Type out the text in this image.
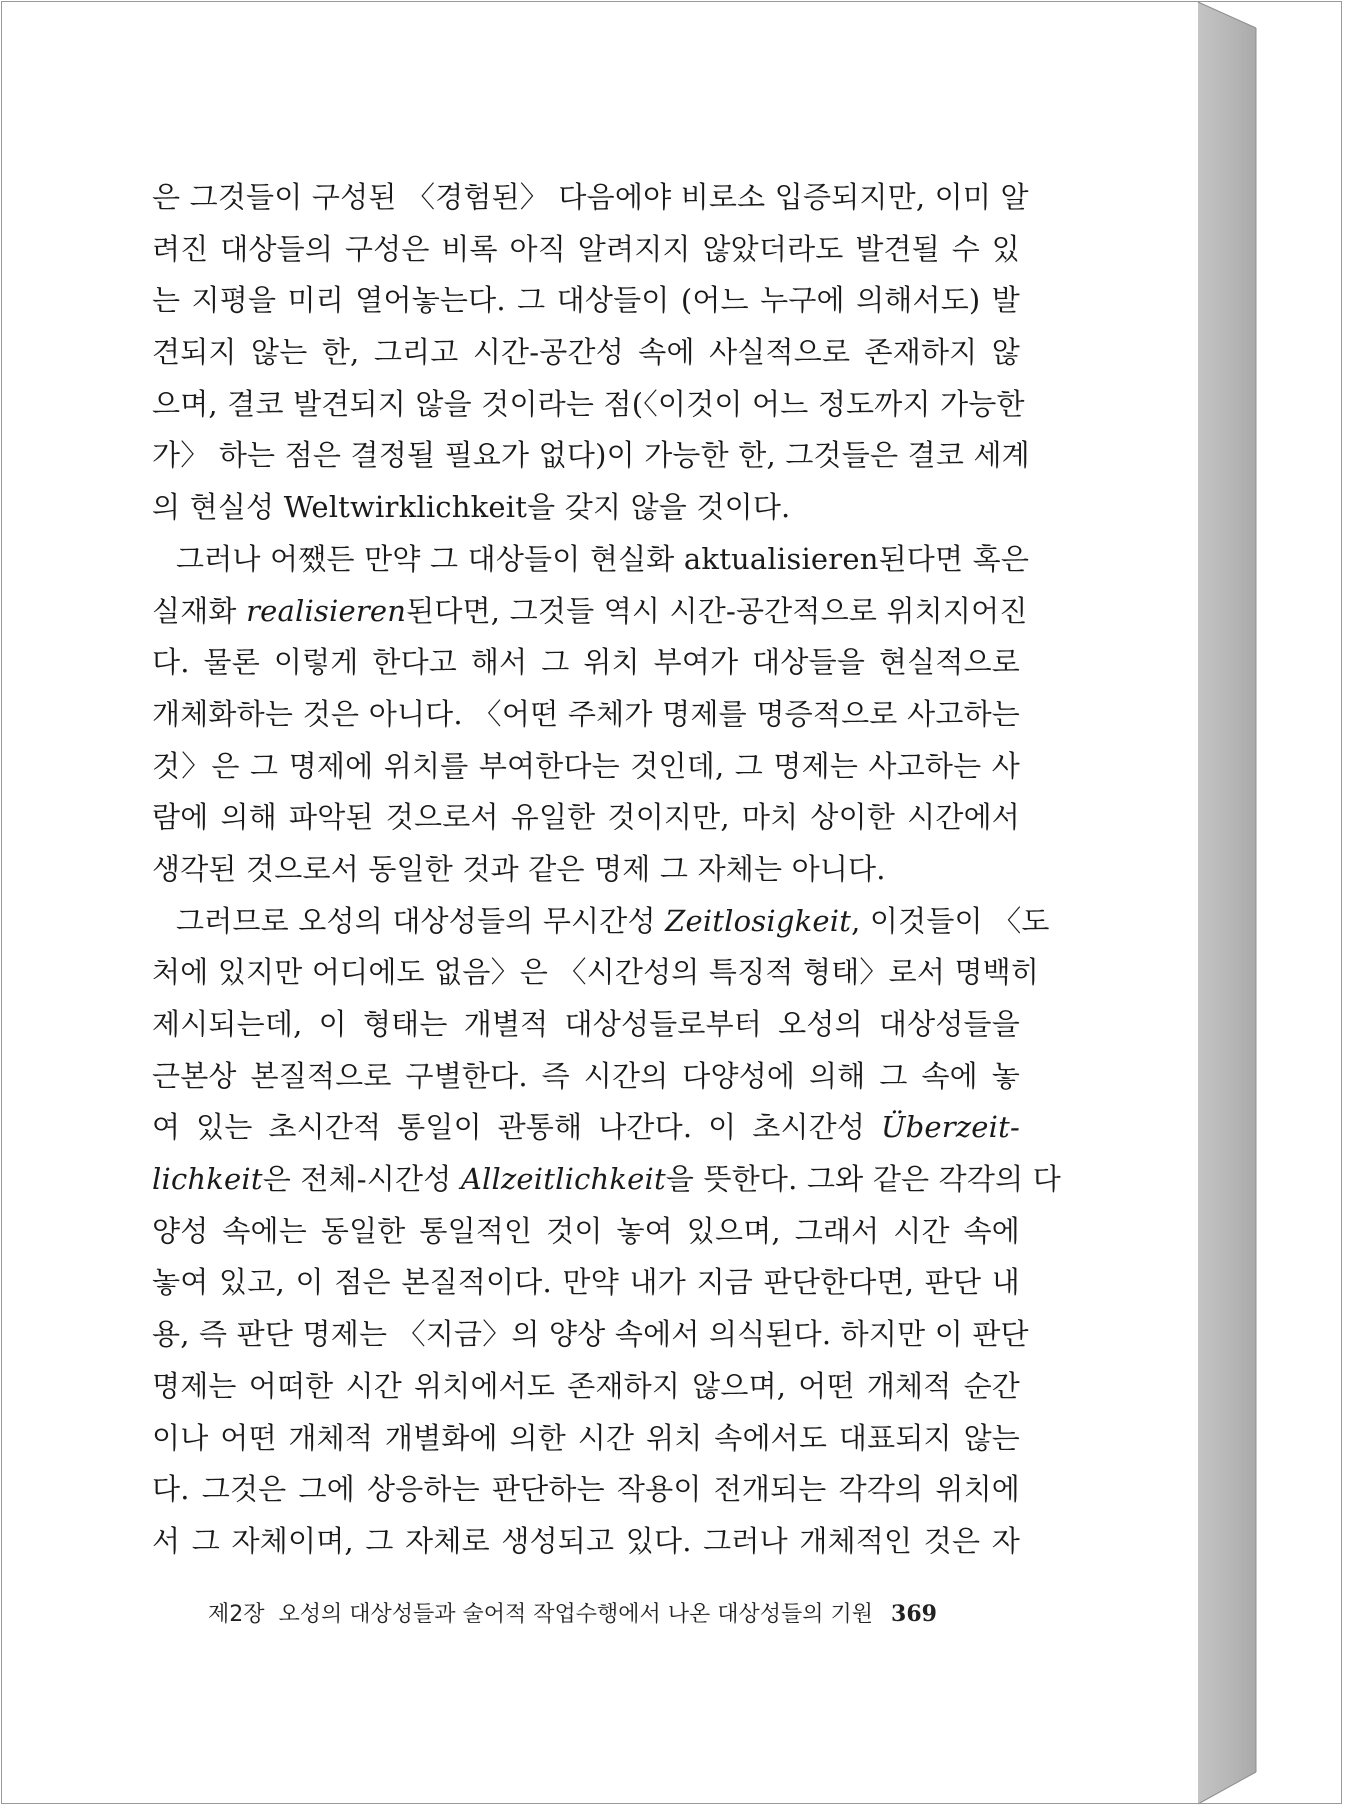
은 그것들이 구성된 〈경험된〉 다음에야 비로소 입증되지만, 이미 알
려진 대상들의 구성은 비록 아직 알려지지 않았더라도 발견될 수 있
는 지평을 미리 열어놓는다. 그 대상들이 (어느 누구에 의해서도) 발
견되지 않는 한, 그리고 시간-공간성 속에 사실적으로 존재하지 않
으며, 결코 발견되지 않을 것이라는 점(〈이것이 어느 정도까지 가능한
가〉 하는 점은 결정될 필요가 없다)이 가능한 한, 그것들은 결코 세계
의 현실성 Weltwirklichkeit을 갖지 않을 것이다.
그러나 어쨌든 만약 그 대상들이 현실화 aktualisieren된다면 혹은
실재화 realisieren된다면, 그것들 역시 시간-공간적으로 위치지어진
다. 물론 이렇게 한다고 해서 그 위치 부여가 대상들을 현실적으로
개체화하는 것은 아니다. 〈어떤 주체가 명제를 명증적으로 사고하는
것〉은 그 명제에 위치를 부여한다는 것인데, 그 명제는 사고하는 사
람에 의해 파악된 것으로서 유일한 것이지만, 마치 상이한 시간에서
생각된 것으로서 동일한 것과 같은 명제 그 자체는 아니다.
그러므로 오성의 대상성들의 무시간성 Zeitlosigkeit, 이것들이 〈도
처에 있지만 어디에도 없음〉은 〈시간성의 특징적 형태〉로서 명백히
제시되는데, 이 형태는 개별적 대상성들로부터 오성의 대상성들을
근본상 본질적으로 구별한다. 즉 시간의 다양성에 의해 그 속에 놓
여 있는 초시간적 통일이 관통해 나간다. 이 초시간성 Überzeit-
lichkeit은 전체-시간성 Allzeitlichkeit을 뜻한다. 그와 같은 각각의 다
양성 속에는 동일한 통일적인 것이 놓여 있으며, 그래서 시간 속에
놓여 있고, 이 점은 본질적이다. 만약 내가 지금 판단한다면, 판단 내
용, 즉 판단 명제는 〈지금〉의 양상 속에서 의식된다. 하지만 이 판단
명제는 어떠한 시간 위치에서도 존재하지 않으며, 어떤 개체적 순간
이나 어떤 개체적 개별화에 의한 시간 위치 속에서도 대표되지 않는
다. 그것은 그에 상응하는 판단하는 작용이 전개되는 각각의 위치에
서 그 자체이며, 그 자체로 생성되고 있다. 그러나 개체적인 것은 자
제2장 오성의 대상성들과 술어적 작업수행에서 나온 대상성들의 기원 369
